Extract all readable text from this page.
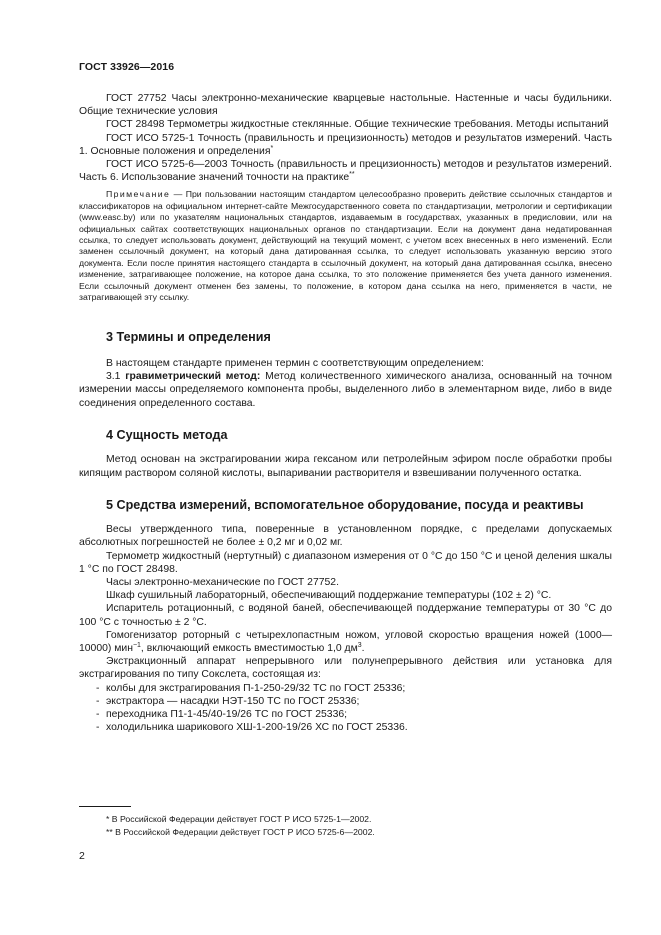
ГОСТ 33926—2016

ГОСТ 27752 Часы электронно-механические кварцевые настольные. Настенные и часы будильники. Общие технические условия

ГОСТ 28498 Термометры жидкостные стеклянные. Общие технические требования. Методы испытаний

ГОСТ ИСО 5725-1 Точность (правильность и прецизионность) методов и результатов измерений. Часть 1. Основные положения и определения*

ГОСТ ИСО 5725-6—2003 Точность (правильность и прецизионность) методов и результатов измерений. Часть 6. Использование значений точности на практике**

Примечание — При пользовании настоящим стандартом целесообразно проверить действие ссылочных стандартов и классификаторов на официальном интернет-сайте Межгосударственного совета по стандартизации, метрологии и сертификации (www.easc.by) или по указателям национальных стандартов, издаваемым в государствах, указанных в предисловии, или на официальных сайтах соответствующих национальных органов по стандартизации. Если на документ дана недатированная ссылка, то следует использовать документ, действующий на текущий момент, с учетом всех внесенных в него изменений. Если заменен ссылочный документ, на который дана датированная ссылка, то следует использовать указанную версию этого документа. Если после принятия настоящего стандарта в ссылочный документ, на который дана датированная ссылка, внесено изменение, затрагивающее положение, на которое дана ссылка, то это положение применяется без учета данного изменения. Если ссылочный документ отменен без замены, то положение, в котором дана ссылка на него, применяется в части, не затрагивающей эту ссылку.

3 Термины и определения

В настоящем стандарте применен термин с соответствующим определением:

3.1 гравиметрический метод: Метод количественного химического анализа, основанный на точном измерении массы определяемого компонента пробы, выделенного либо в элементарном виде, либо в виде соединения определенного состава.

4 Сущность метода

Метод основан на экстрагировании жира гексаном или петролейным эфиром после обработки пробы кипящим раствором соляной кислоты, выпаривании растворителя и взвешивании полученного остатка.

5 Средства измерений, вспомогательное оборудование, посуда и реактивы

Весы утвержденного типа, поверенные в установленном порядке, с пределами допускаемых абсолютных погрешностей не более ± 0,2 мг и 0,02 мг.

Термометр жидкостный (нертутный) с диапазоном измерения от 0 °С до 150 °С и ценой деления шкалы 1 °С по ГОСТ 28498.

Часы электронно-механические по ГОСТ 27752.

Шкаф сушильный лабораторный, обеспечивающий поддержание температуры (102 ± 2) °С.

Испаритель ротационный, с водяной баней, обеспечивающей поддержание температуры от 30 °С до 100 °С с точностью ± 2 °С.

Гомогенизатор роторный с четырехлопастным ножом, угловой скоростью вращения ножей (1000—10000) мин$^{-1}$, включающий емкость вместимостью 1,0 $дм^3$.

Экстракционный аппарат непрерывного или полунепрерывного действия или установка для экстрагирования по типу Сокслета, состоящая из:

- колбы для экстрагирования П-1-250-29/32 ТС по ГОСТ 25336;
- экстрактора — насадки НЭТ-150 ТС по ГОСТ 25336;
- переходника П1-1-45/40-19/26 ТС по ГОСТ 25336;
- холодильника шарикового ХШ-1-200-19/26 ХС по ГОСТ 25336.

* В Российской Федерации действует ГОСТ Р ИСО 5725-1—2002.

** В Российской Федерации действует ГОСТ Р ИСО 5725-6—2002.

2
